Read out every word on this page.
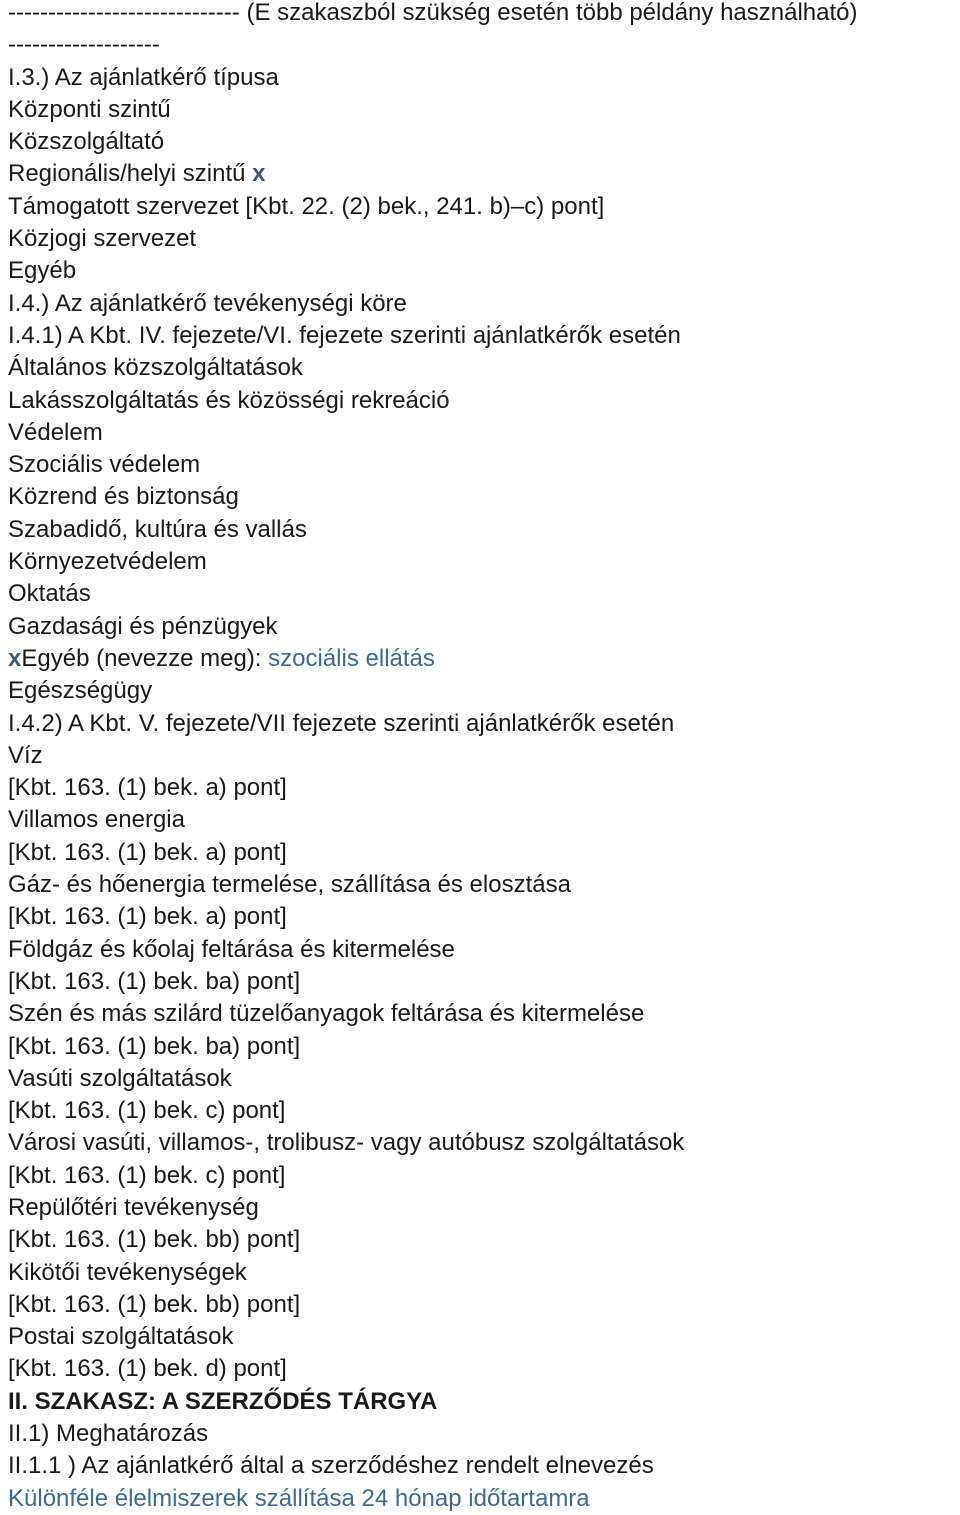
----------------------------- (E szakaszból szükség esetén több példány használható)
-------------------
I.3.) Az ajánlatkérő típusa
Központi szintű
Közszolgáltató
Regionális/helyi szintű x
Támogatott szervezet [Kbt. 22. (2) bek., 241. b)–c) pont]
Közjogi szervezet
Egyéb
I.4.) Az ajánlatkérő tevékenységi köre
I.4.1) A Kbt. IV. fejezete/VI. fejezete szerinti ajánlatkérők esetén
Általános közszolgáltatások
Lakásszolgáltatás és közösségi rekreáció
Védelem
Szociális védelem
Közrend és biztonság
Szabadidő, kultúra és vallás
Környezetvédelem
Oktatás
Gazdasági és pénzügyek
xEgyéb (nevezze meg): szociális ellátás
Egészségügy
I.4.2) A Kbt. V. fejezete/VII fejezete szerinti ajánlatkérők esetén
Víz
[Kbt. 163. (1) bek. a) pont]
Villamos energia
[Kbt. 163. (1) bek. a) pont]
Gáz- és hőenergia termelése, szállítása és elosztása
[Kbt. 163. (1) bek. a) pont]
Földgáz és kőolaj feltárása és kitermelése
[Kbt. 163. (1) bek. ba) pont]
Szén és más szilárd tüzelőanyagok feltárása és kitermelése
[Kbt. 163. (1) bek. ba) pont]
Vasúti szolgáltatások
[Kbt. 163. (1) bek. c) pont]
Városi vasúti, villamos-, trolibusz- vagy autóbusz szolgáltatások
[Kbt. 163. (1) bek. c) pont]
Repülőtéri tevékenység
[Kbt. 163. (1) bek. bb) pont]
Kikötői tevékenységek
[Kbt. 163. (1) bek. bb) pont]
Postai szolgáltatások
[Kbt. 163. (1) bek. d) pont]
II. SZAKASZ: A SZERZŐDÉS TÁRGYA
II.1) Meghatározás
II.1.1 ) Az ajánlatkérő által a szerződéshez rendelt elnevezés
Különféle élelmiszerek szállítása 24 hónap időtartamra
